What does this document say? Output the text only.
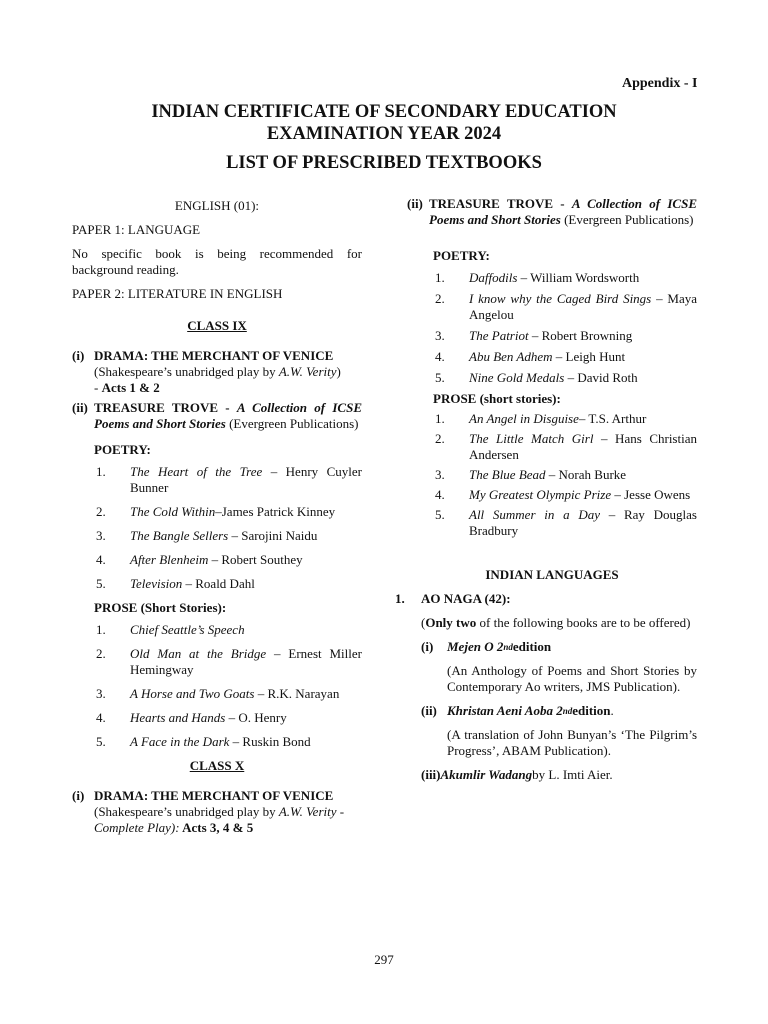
Appendix - I
INDIAN CERTIFICATE OF SECONDARY EDUCATION
EXAMINATION YEAR 2024
LIST OF PRESCRIBED TEXTBOOKS
ENGLISH (01):
PAPER 1: LANGUAGE
No specific book is being recommended for background reading.
PAPER 2: LITERATURE IN ENGLISH
CLASS IX
(i) DRAMA: THE MERCHANT OF VENICE
(Shakespeare’s unabridged play by A.W. Verity)
- Acts 1 & 2
(ii) TREASURE TROVE - A Collection of ICSE Poems and Short Stories (Evergreen Publications)
POETRY:
1.	The Heart of the Tree – Henry Cuyler Bunner
2.	The Cold Within–James Patrick Kinney
3.	The Bangle Sellers – Sarojini Naidu
4.	After Blenheim – Robert Southey
5.	Television – Roald Dahl
PROSE (Short Stories):
1.	Chief Seattle’s Speech
2.	Old Man at the Bridge – Ernest Miller Hemingway
3.	A Horse and Two Goats – R.K. Narayan
4.	Hearts and Hands – O. Henry
5.	A Face in the Dark – Ruskin Bond
CLASS X
(i) DRAMA: THE MERCHANT OF VENICE
(Shakespeare’s unabridged play by A.W. Verity - Complete Play): Acts 3, 4 & 5
(ii) TREASURE TROVE - A Collection of ICSE Poems and Short Stories (Evergreen Publications)
POETRY:
1.	Daffodils – William Wordsworth
2.	I know why the Caged Bird Sings – Maya Angelou
3.	The Patriot – Robert Browning
4.	Abu Ben Adhem – Leigh Hunt
5.	Nine Gold Medals – David Roth
PROSE (short stories):
1.	An Angel in Disguise– T.S. Arthur
2.	The Little Match Girl – Hans Christian Andersen
3.	The Blue Bead – Norah Burke
4.	My Greatest Olympic Prize – Jesse Owens
5.	All Summer in a Day – Ray Douglas Bradbury
INDIAN LANGUAGES
1.	AO NAGA (42):
(Only two of the following books are to be offered)
(i)	Mejen O 2 nd edition
(An Anthology of Poems and Short Stories by Contemporary Ao writers, JMS Publication).
(ii) Khristan Aeni Aoba 2 nd edition .
(A translation of John Bunyan’s ‘The Pilgrim’s Progress’, ABAM Publication).
(iii) Akumlir Wadang by L. Imti Aier.
297
